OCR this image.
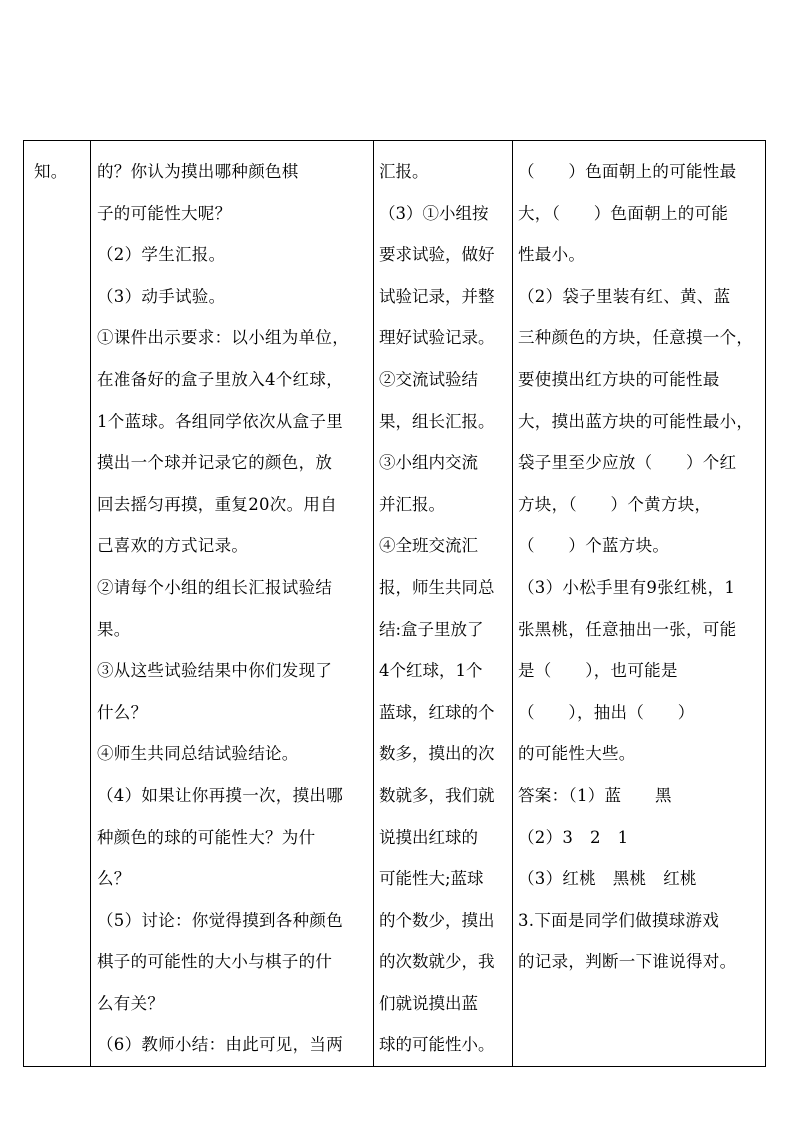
知。	的？你认为摸出哪种颜色棋
子的可能性大呢？
（2）学生汇报。
（3）动手试验。
①课件出示要求：以小组为单位，
在准备好的盒子里放入4个红球，
1个蓝球。各组同学依次从盒子里
摸出一个球并记录它的颜色，放
回去摇匀再摸，重复20次。用自
己喜欢的方式记录。
②请每个小组的组长汇报试验结
果。
③从这些试验结果中你们发现了
什么？
④师生共同总结试验结论。
（4）如果让你再摸一次，摸出哪
种颜色的球的可能性大？为什
么？
（5）讨论：你觉得摸到各种颜色
棋子的可能性的大小与棋子的什
么有关？
（6）教师小结：由此可见，当两

汇报。
（3）①小组按
要求试验，做好
试验记录，并整
理好试验记录。
②交流试验结
果，组长汇报。
③小组内交流
并汇报。
④全班交流汇
报，师生共同总
结:盒子里放了
4个红球，1个
蓝球，红球的个
数多，摸出的次
数就多，我们就
说摸出红球的
可能性大;蓝球
的个数少，摸出
的次数就少，我
们就说摸出蓝
球的可能性小。

（　　）色面朝上的可能性最
大，（　　）色面朝上的可能
性最小。
（2）袋子里装有红、黄、蓝
三种颜色的方块，任意摸一个，
要使摸出红方块的可能性最
大，摸出蓝方块的可能性最小，
袋子里至少应放（　　）个红
方块，（　　）个黄方块，
（　　）个蓝方块。
（3）小松手里有9张红桃，1
张黑桃，任意抽出一张，可能
是（　　），也可能是
（　　），抽出（　　）
的可能性大些。
答案：（1）蓝　　黑
（2）3　2　1
（3）红桃　黑桃　红桃
3.下面是同学们做摸球游戏
的记录，判断一下谁说得对。
